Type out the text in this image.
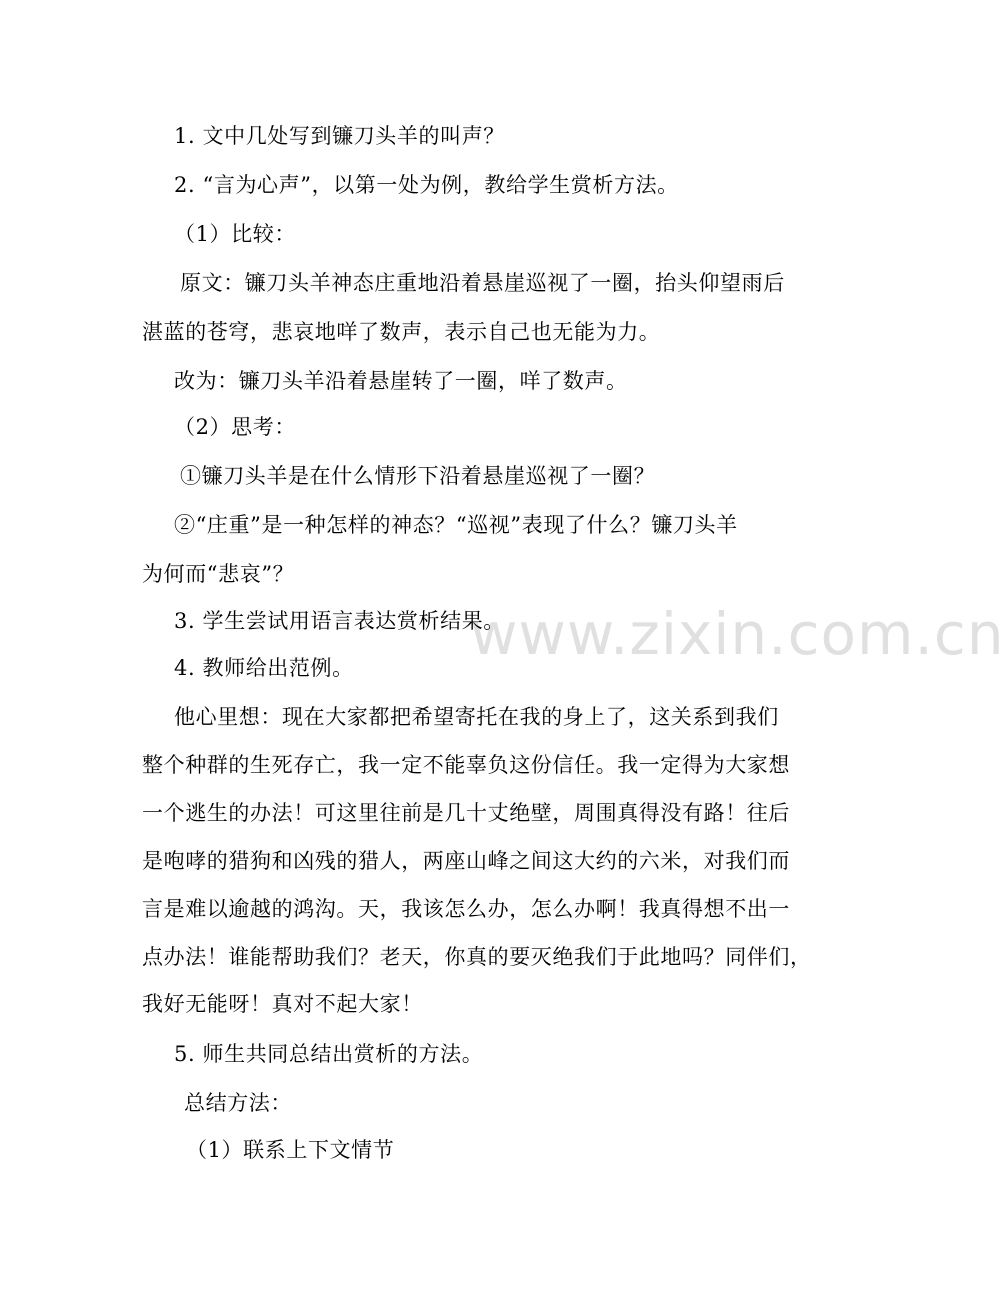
www.zixin.com.cn
1. 文中几处写到镰刀头羊的叫声？
2. “言为心声”，以第一处为例，教给学生赏析方法。
（1）比较：
原文：镰刀头羊神态庄重地沿着悬崖巡视了一圈，抬头仰望雨后
湛蓝的苍穹，悲哀地咩了数声，表示自己也无能为力。
改为：镰刀头羊沿着悬崖转了一圈，咩了数声。
（2）思考：
①镰刀头羊是在什么情形下沿着悬崖巡视了一圈？
②“庄重”是一种怎样的神态？“巡视”表现了什么？镰刀头羊
为何而“悲哀”？
3. 学生尝试用语言表达赏析结果。
4. 教师给出范例。
他心里想：现在大家都把希望寄托在我的身上了，这关系到我们
整个种群的生死存亡，我一定不能辜负这份信任。我一定得为大家想
一个逃生的办法！可这里往前是几十丈绝壁，周围真得没有路！往后
是咆哮的猎狗和凶残的猎人，两座山峰之间这大约的六米，对我们而
言是难以逾越的鸿沟。天，我该怎么办，怎么办啊！我真得想不出一
点办法！谁能帮助我们？老天，你真的要灭绝我们于此地吗？同伴们，
我好无能呀！真对不起大家！
5. 师生共同总结出赏析的方法。
总结方法：
（1）联系上下文情节
